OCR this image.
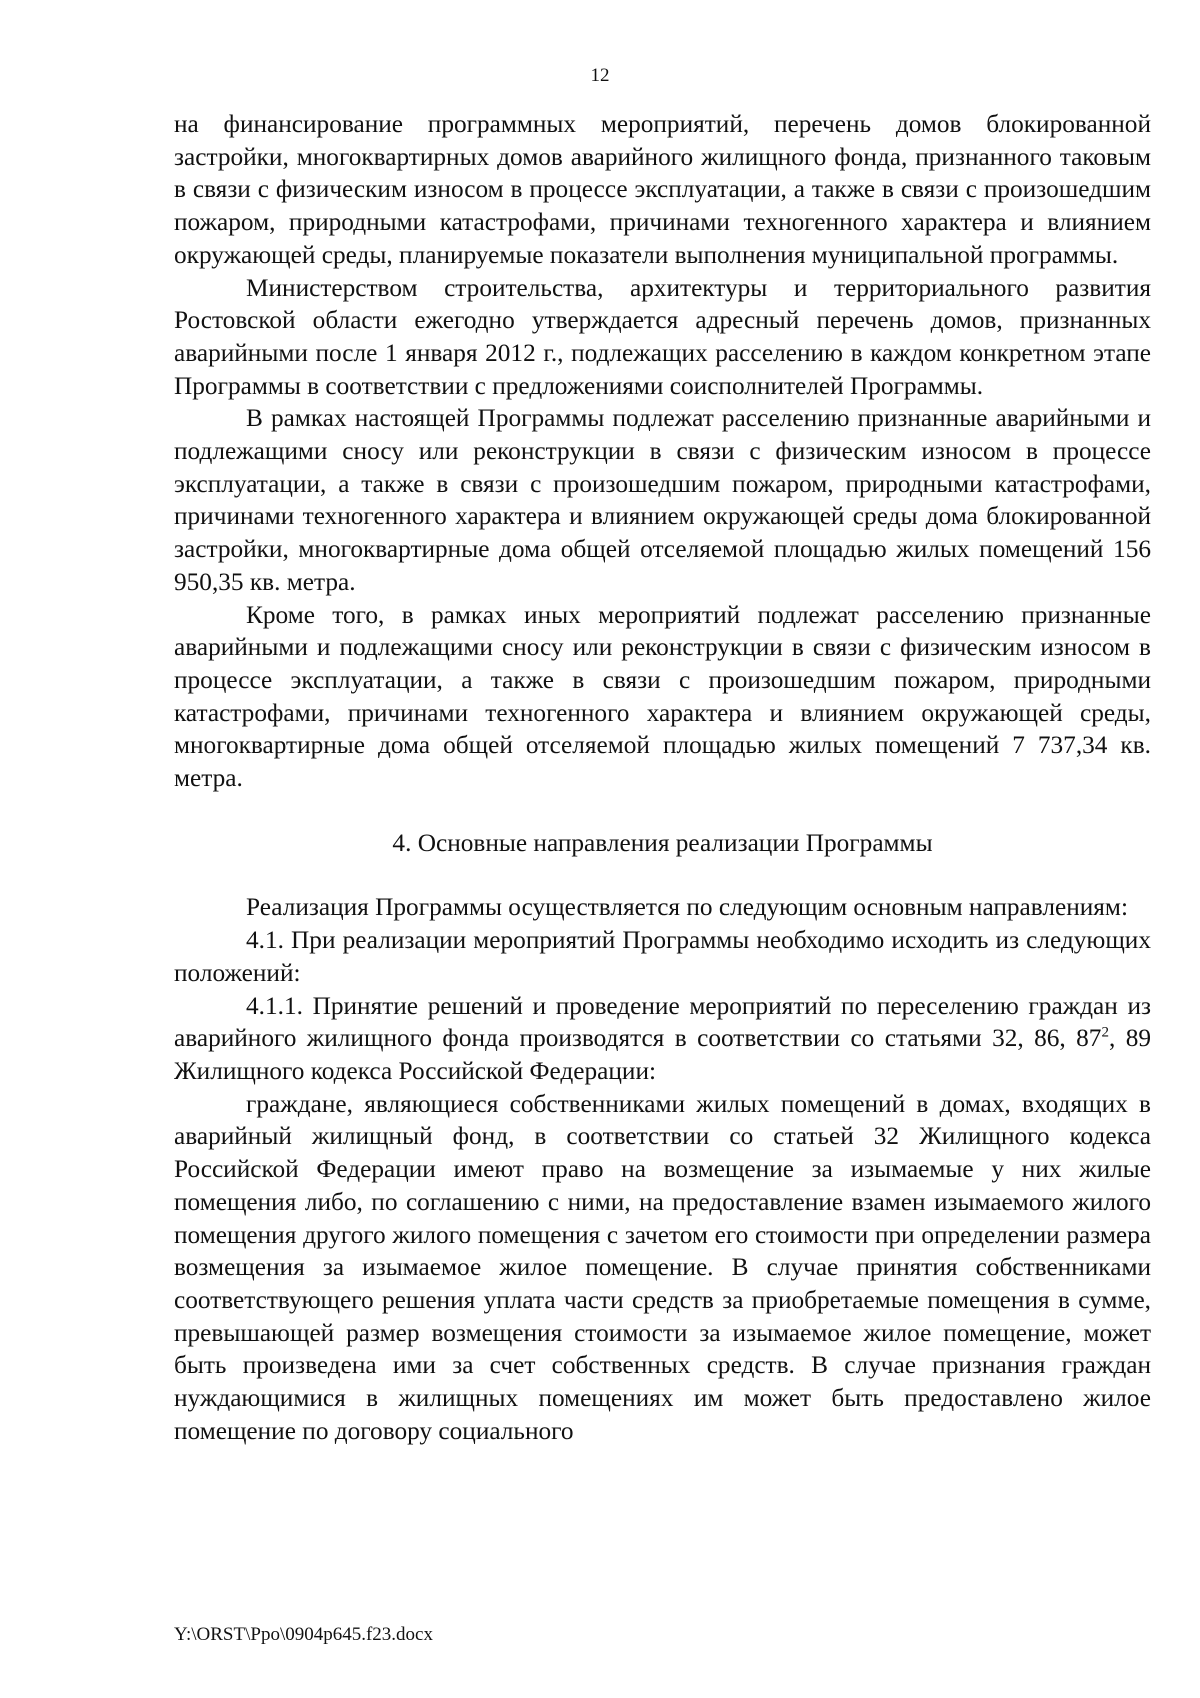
12

на финансирование программных мероприятий, перечень домов блокированной застройки, многоквартирных домов аварийного жилищного фонда, признанного таковым в связи с физическим износом в процессе эксплуатации, а также в связи с произошедшим пожаром, природными катастрофами, причинами техногенного характера и влиянием окружающей среды, планируемые показатели выполнения муниципальной программы.

Министерством строительства, архитектуры и территориального развития Ростовской области ежегодно утверждается адресный перечень домов, признанных аварийными после 1 января 2012 г., подлежащих расселению в каждом конкретном этапе Программы в соответствии с предложениями соисполнителей Программы.

В рамках настоящей Программы подлежат расселению признанные аварийными и подлежащими сносу или реконструкции в связи с физическим износом в процессе эксплуатации, а также в связи с произошедшим пожаром, природными катастрофами, причинами техногенного характера и влиянием окружающей среды дома блокированной застройки, многоквартирные дома общей отселяемой площадью жилых помещений 156 950,35 кв. метра.

Кроме того, в рамках иных мероприятий подлежат расселению признанные аварийными и подлежащими сносу или реконструкции в связи с физическим износом в процессе эксплуатации, а также в связи с произошедшим пожаром, природными катастрофами, причинами техногенного характера и влиянием окружающей среды, многоквартирные дома общей отселяемой площадью жилых помещений 7 737,34 кв. метра.

4. Основные направления реализации Программы

Реализация Программы осуществляется по следующим основным направлениям:

4.1. При реализации мероприятий Программы необходимо исходить из следующих положений:

4.1.1. Принятие решений и проведение мероприятий по переселению граждан из аварийного жилищного фонда производятся в соответствии со статьями 32, 86, $87^2$, 89 Жилищного кодекса Российской Федерации:

граждане, являющиеся собственниками жилых помещений в домах, входящих в аварийный жилищный фонд, в соответствии со статьей 32 Жилищного кодекса Российской Федерации имеют право на возмещение за изымаемые у них жилые помещения либо, по соглашению с ними, на предоставление взамен изымаемого жилого помещения другого жилого помещения с зачетом его стоимости при определении размера возмещения за изымаемое жилое помещение. В случае принятия собственниками соответствующего решения уплата части средств за приобретаемые помещения в сумме, превышающей размер возмещения стоимости за изымаемое жилое помещение, может быть произведена ими за счет собственных средств. В случае признания граждан нуждающимися в жилищных помещениях им может быть предоставлено жилое помещение по договору социального

Y:\ORST\Ppo\0904p645.f23.docx
